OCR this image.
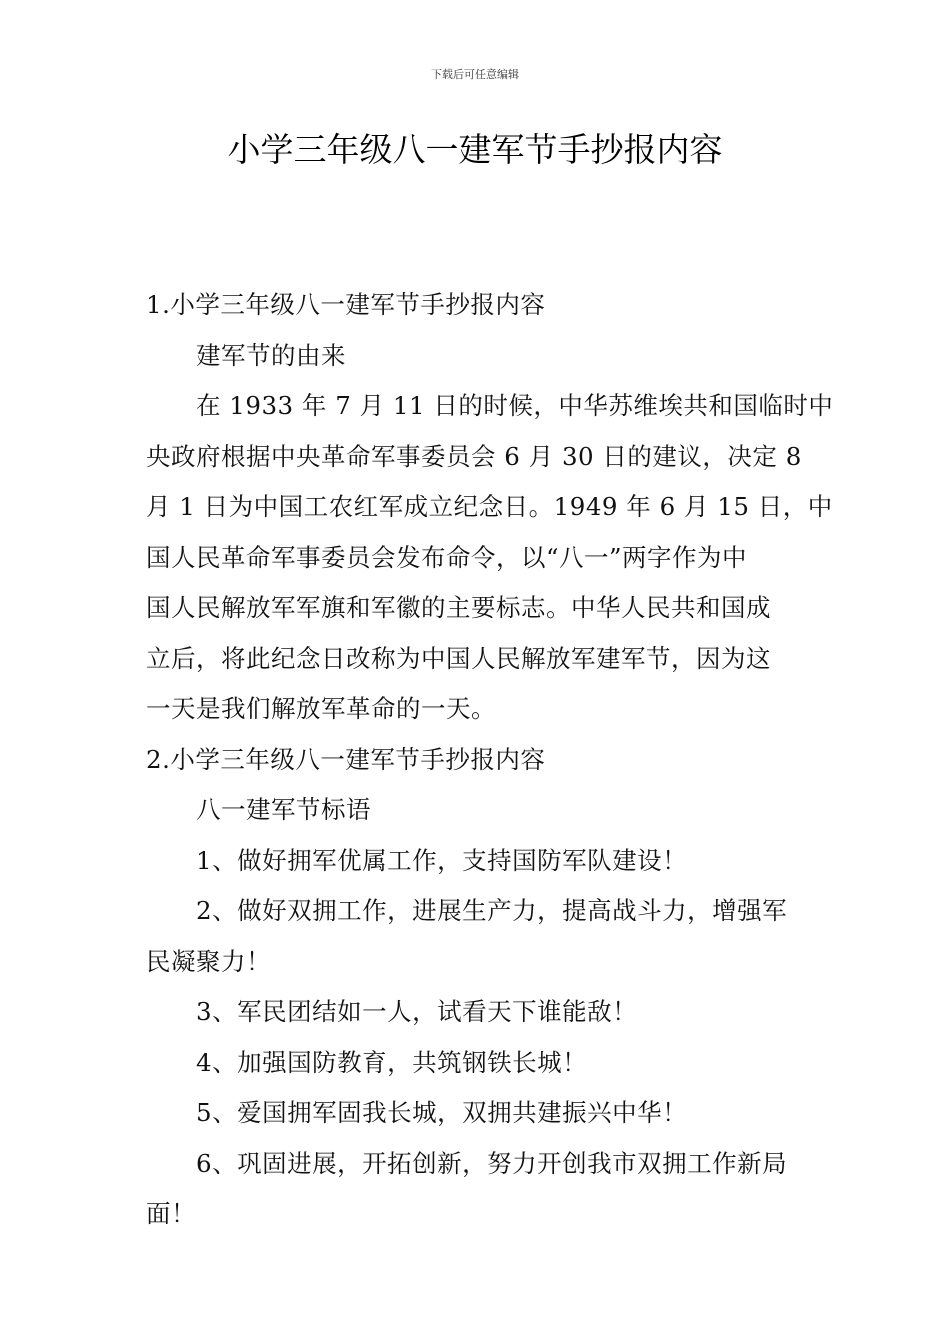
下载后可任意编辑
小学三年级八一建军节手抄报内容
1.小学三年级八一建军节手抄报内容
建军节的由来
在 1933 年 7 月 11 日的时候，中华苏维埃共和国临时中
央政府根据中央革命军事委员会 6 月 30 日的建议，决定 8
月 1 日为中国工农红军成立纪念日。1949 年 6 月 15 日，中
国人民革命军事委员会发布命令，以“八一”两字作为中
国人民解放军军旗和军徽的主要标志。中华人民共和国成
立后，将此纪念日改称为中国人民解放军建军节，因为这
一天是我们解放军革命的一天。
2.小学三年级八一建军节手抄报内容
八一建军节标语
1、做好拥军优属工作，支持国防军队建设！
2、做好双拥工作，进展生产力，提高战斗力，增强军
民凝聚力！
3、军民团结如一人，试看天下谁能敌！
4、加强国防教育，共筑钢铁长城！
5、爱国拥军固我长城，双拥共建振兴中华！
6、巩固进展，开拓创新，努力开创我市双拥工作新局
面！
